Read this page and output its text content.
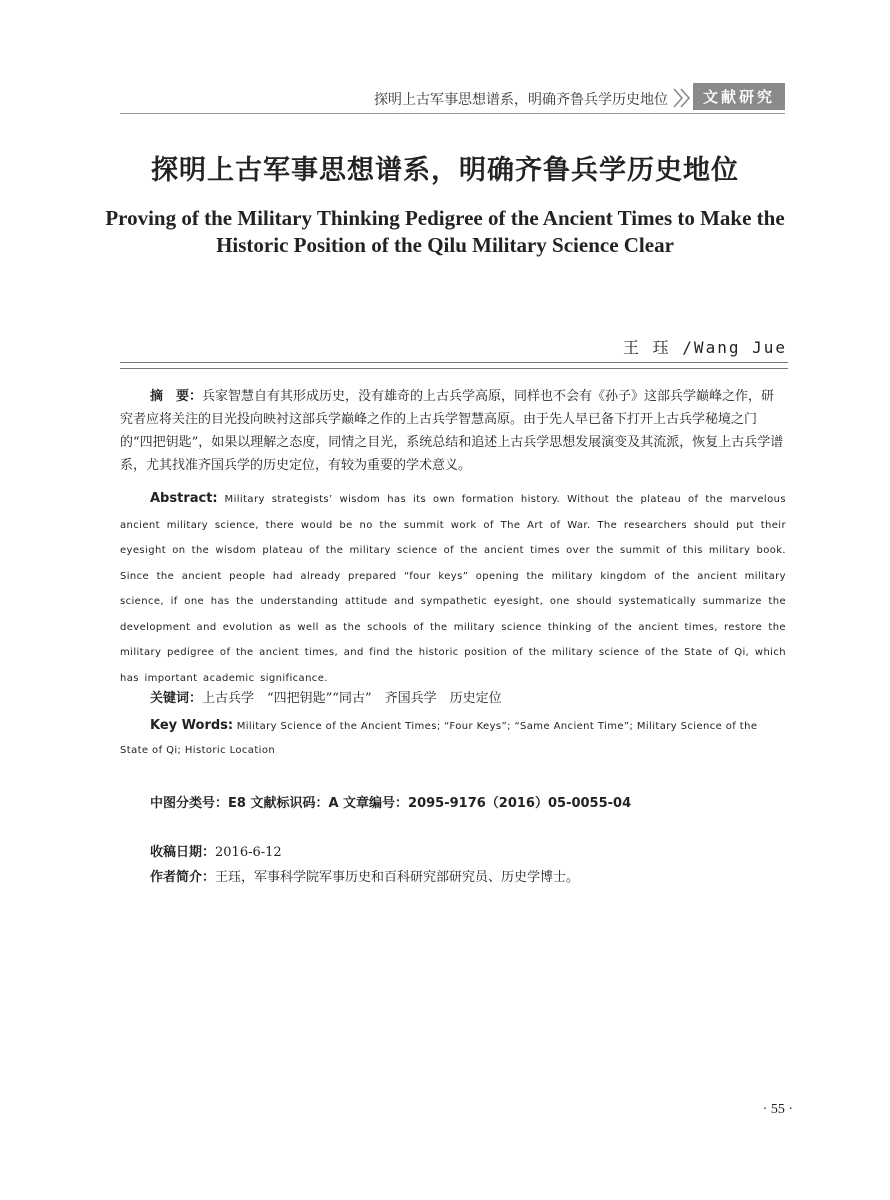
探明上古军事思想谱系，明确齐鲁兵学历史地位	文献研究
探明上古军事思想谱系，明确齐鲁兵学历史地位
Proving of the Military Thinking Pedigree of the Ancient Times to Make the Historic Position of the Qilu Military Science Clear
王 珏 /Wang Jue
摘　要：兵家智慧自有其形成历史，没有雄奇的上古兵学高原，同样也不会有《孙子》这部兵学巅峰之作，研究者应将关注的目光投向映衬这部兵学巅峰之作的上古兵学智慧高原。由于先人早已备下打开上古兵学秘境之门的“四把钥匙”，如果以理解之态度，同情之目光，系统总结和追述上古兵学思想发展演变及其流派，恢复上古兵学谱系，尤其找准齐国兵学的历史定位，有较为重要的学术意义。
Abstract: Military strategists’ wisdom has its own formation history. Without the plateau of the marvelous ancient military science, there would be no the summit work of The Art of War. The researchers should put their eyesight on the wisdom plateau of the military science of the ancient times over the summit of this military book. Since the ancient people had already prepared “four keys” opening the military kingdom of the ancient military science, if one has the understanding attitude and sympathetic eyesight, one should systematically summarize the development and evolution as well as the schools of the military science thinking of the ancient times, restore the military pedigree of the ancient times, and find the historic position of the military science of the State of Qi, which has important academic significance.
关键词：上古兵学　“四把钥匙”“同古”　齐国兵学　历史定位
Key Words: Military Science of the Ancient Times; “Four Keys”; “Same Ancient Time”; Military Science of the State of Qi; Historic Location
中图分类号：E8 文献标识码：A 文章编号：2095-9176（2016）05-0055-04
收稿日期：2016-6-12
作者简介：王珏，军事科学院军事历史和百科研究部研究员、历史学博士。
· 55 ·
